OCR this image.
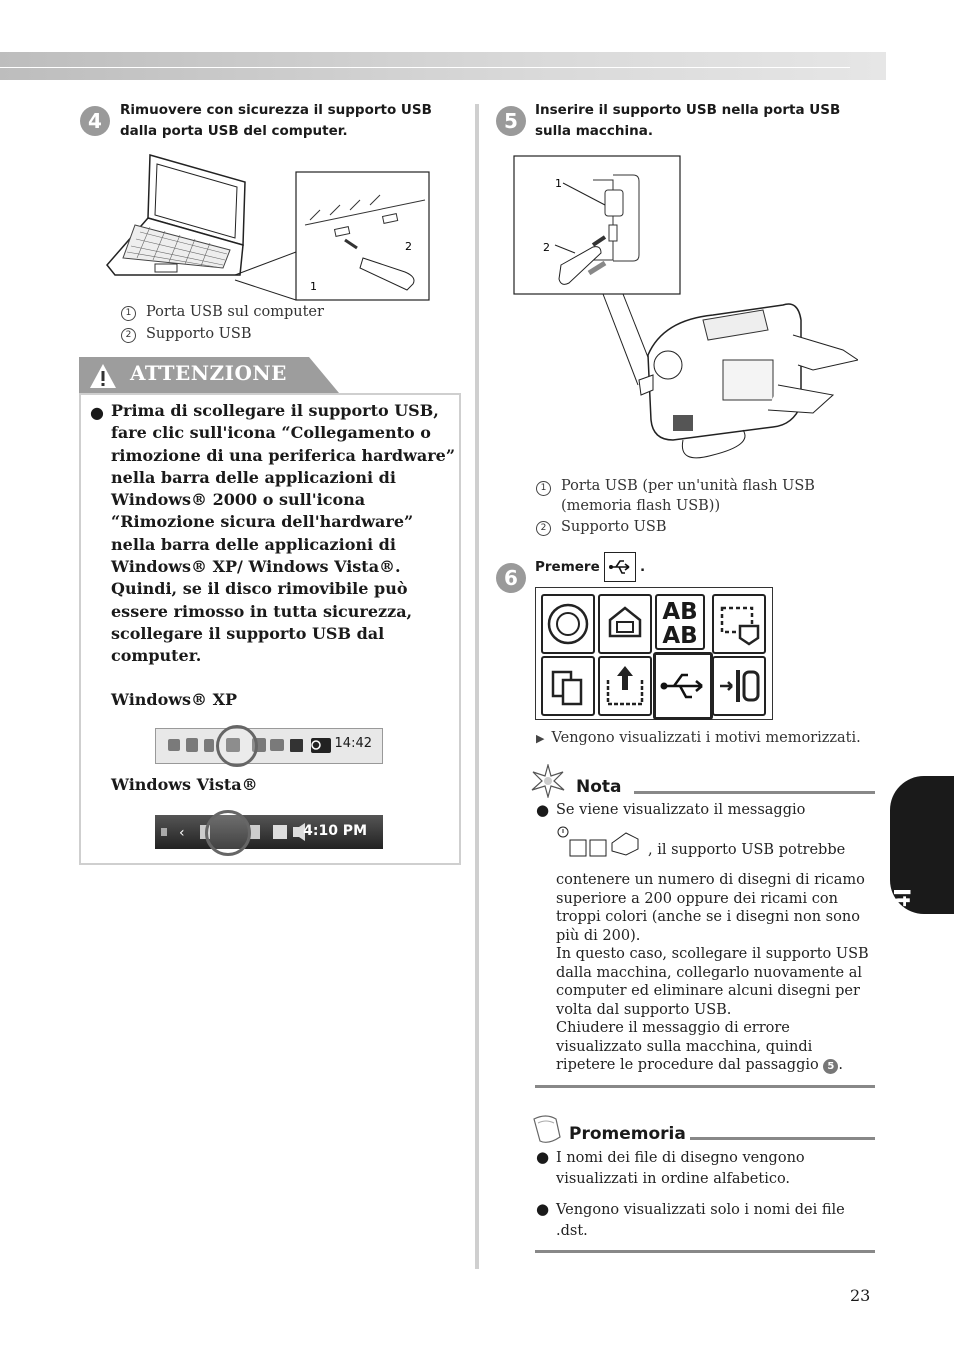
4	Rimuovere con sicurezza il supporto USB dalla porta USB del computer.
1
2
1 Porta USB sul computer
2 Supporto USB
ATTENZIONE
● Prima di scollegare il supporto USB, fare clic sull'icona “Collegamento o rimozione di una periferica hardware” nella barra delle applicazioni di Windows® 2000 o sull'icona “Rimozione sicura dell'hardware” nella barra delle applicazioni di Windows® XP/ Windows Vista®.
Quindi, se il disco rimovibile può essere rimosso in tutta sicurezza, scollegare il supporto USB dal computer.
Windows® XP
14:42
Windows Vista®
‹	4:10 PM
5	Inserire il supporto USB nella porta USB sulla macchina.
1
2
1	Porta USB (per un'unità flash USB (memoria flash USB))
2 Supporto USB
6	Premere	.
AB
AB
▶ Vengono visualizzati i motivi memorizzati.
Nota
● Se viene visualizzato il messaggio
, il supporto USB potrebbe
contenere un numero di disegni di ricamo superiore a 200 oppure dei ricami con troppi colori (anche se i disegni non sono più di 200).
In questo caso, scollegare il supporto USB dalla macchina, collegarlo nuovamente al computer ed eliminare alcuni disegni per volta dal supporto USB.
Chiudere il messaggio di errore visualizzato sulla macchina, quindi ripetere le procedure dal passaggio 5 .
Promemoria
● I nomi dei file di disegno vengono visualizzati in ordine alfabetico.
● Vengono visualizzati solo i nomi dei file .dst.
Italiano
23
